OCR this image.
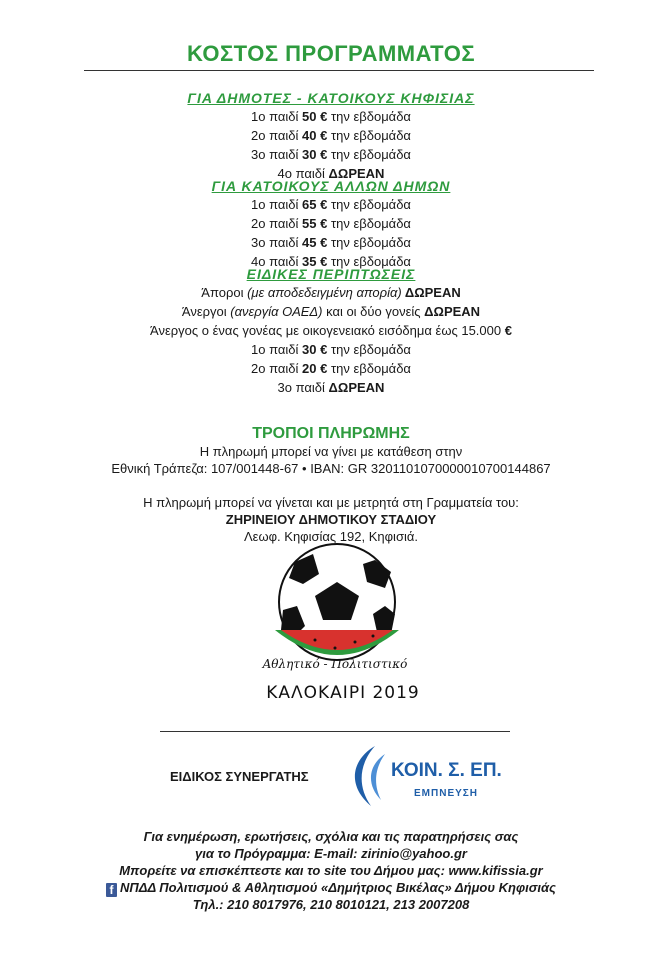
ΚΟΣΤΟΣ ΠΡΟΓΡΑΜΜΑΤΟΣ
ΓΙΑ ΔΗΜΟΤΕΣ - ΚΑΤΟΙΚΟΥΣ ΚΗΦΙΣΙΑΣ
1ο παιδί 50 € την εβδομάδα
2ο παιδί 40 € την εβδομάδα
3ο παιδί 30 € την εβδομάδα
4ο παιδί ΔΩΡΕΑΝ
ΓΙΑ ΚΑΤΟΙΚΟΥΣ ΑΛΛΩΝ ΔΗΜΩΝ
1ο παιδί 65 € την εβδομάδα
2ο παιδί 55 € την εβδομάδα
3ο παιδί 45 € την εβδομάδα
4ο παιδί 35 € την εβδομάδα
ΕΙΔΙΚΕΣ ΠΕΡΙΠΤΩΣΕΙΣ
Άποροι (με αποδεδειγμένη απορία) ΔΩΡΕΑΝ
Άνεργοι (ανεργία ΟΑΕΔ) και οι δύο γονείς ΔΩΡΕΑΝ
Άνεργος ο ένας γονέας με οικογενειακό εισόδημα έως 15.000 €
1ο παιδί 30 € την εβδομάδα
2ο παιδί 20 € την εβδομάδα
3ο παιδί ΔΩΡΕΑΝ
ΤΡΟΠΟΙ ΠΛΗΡΩΜΗΣ
Η πληρωμή μπορεί να γίνει με κατάθεση στην
Εθνική Τράπεζα: 107/001448-67 • IBAN: GR 3201101070000010700144867
Η πληρωμή μπορεί να γίνεται και με μετρητά στη Γραμματεία του:
ΖΗΡΙΝΕΙΟΥ ΔΗΜΟΤΙΚΟΥ ΣΤΑΔΙΟΥ
Λεωφ. Κηφισίας 192, Κηφισιά.
Αθλητικό - Πολιτιστικό
ΚΑΛΟΚΑΙΡΙ 2019
ΕΙΔΙΚΟΣ ΣΥΝΕΡΓΑΤΗΣ	ΚΟΙΝ. Σ. ΕΠ.
ΕΜΠΝΕΥΣΗ
Για ενημέρωση, ερωτήσεις, σχόλια και τις παρατηρήσεις σας
για το Πρόγραμμα: E-mail: zirinio@yahoo.gr
Μπορείτε να επισκέπτεστε και το site του Δήμου μας: www.kifissia.gr
f ΝΠΔΔ Πολιτισμού & Αθλητισμού «Δημήτριος Βικέλας» Δήμου Κηφισιάς
Τηλ.: 210 8017976, 210 8010121, 213 2007208
